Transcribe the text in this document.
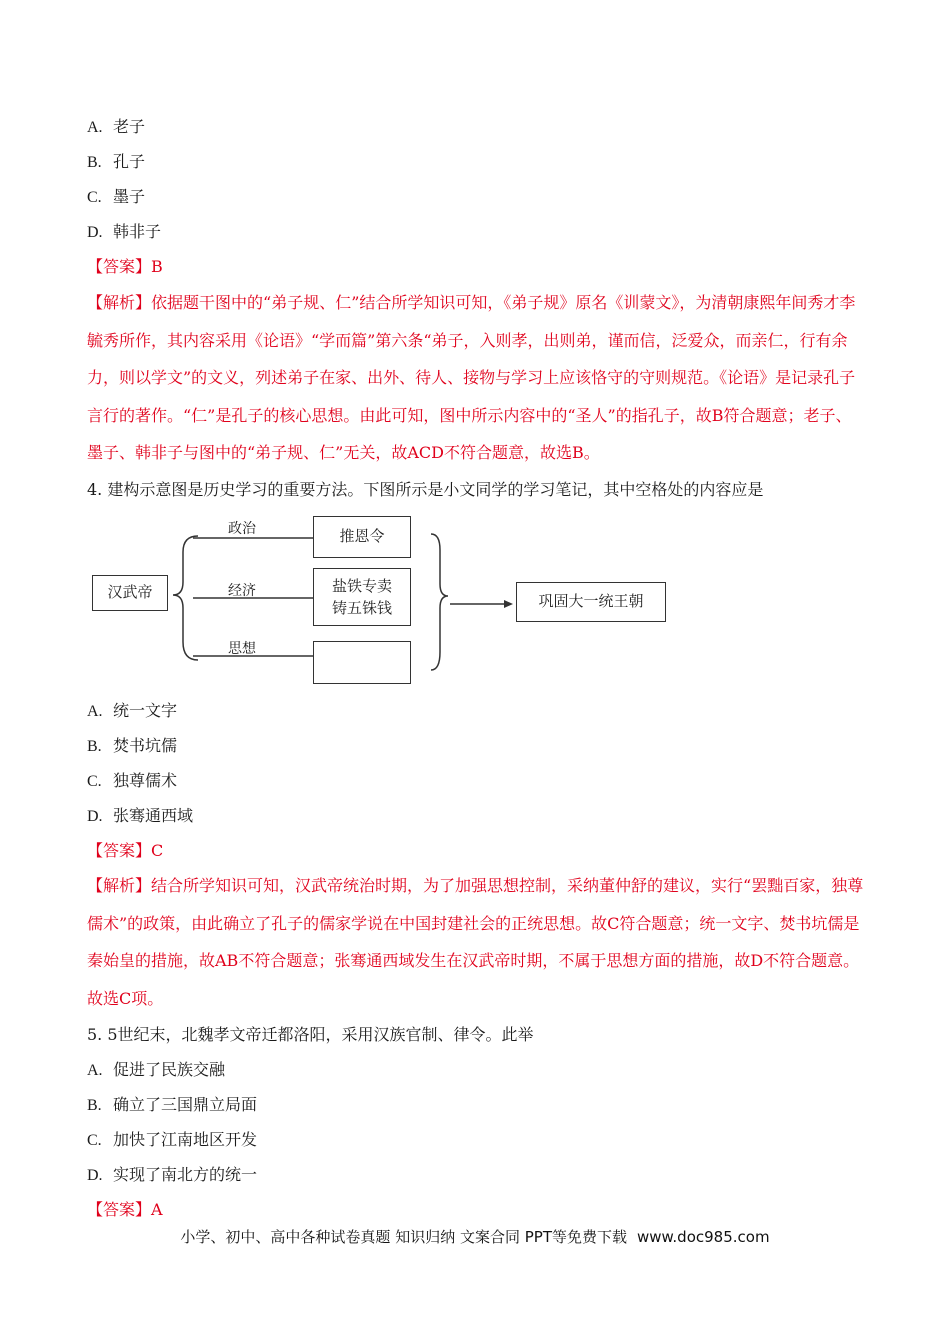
A. 老子
B. 孔子
C. 墨子
D. 韩非子
【答案】B
【解析】依据题干图中的“弟子规、仁”结合所学知识可知，《弟子规》原名《训蒙文》，为清朝康熙年间秀才李毓秀所作，其内容采用《论语》“学而篇”第六条“弟子，入则孝，出则弟，谨而信，泛爱众，而亲仁，行有余力，则以学文”的文义，列述弟子在家、出外、待人、接物与学习上应该恪守的守则规范。《论语》是记录孔子言行的著作。“仁”是孔子的核心思想。由此可知，图中所示内容中的“圣人”的指孔子，故B符合题意；老子、墨子、韩非子与图中的“弟子规、仁”无关，故ACD不符合题意，故选B。
4. 建构示意图是历史学习的重要方法。下图所示是小文同学的学习笔记，其中空格处的内容应是
汉武帝
政治
经济
思想
推恩令
盐铁专卖
铸五铢钱	巩固大一统王朝
A. 统一文字
B. 焚书坑儒
C. 独尊儒术
D. 张骞通西域
【答案】C
【解析】结合所学知识可知，汉武帝统治时期，为了加强思想控制，采纳董仲舒的建议，实行“罢黜百家，独尊儒术”的政策，由此确立了孔子的儒家学说在中国封建社会的正统思想。故C符合题意；统一文字、焚书坑儒是秦始皇的措施，故AB不符合题意；张骞通西域发生在汉武帝时期，不属于思想方面的措施，故D不符合题意。故选C项。
5. 5世纪末，北魏孝文帝迁都洛阳，采用汉族官制、律令。此举
A. 促进了民族交融
B. 确立了三国鼎立局面
C. 加快了江南地区开发
D. 实现了南北方的统一
【答案】A
小学、初中、高中各种试卷真题 知识归纳 文案合同 PPT等免费下载 www.doc985.com
